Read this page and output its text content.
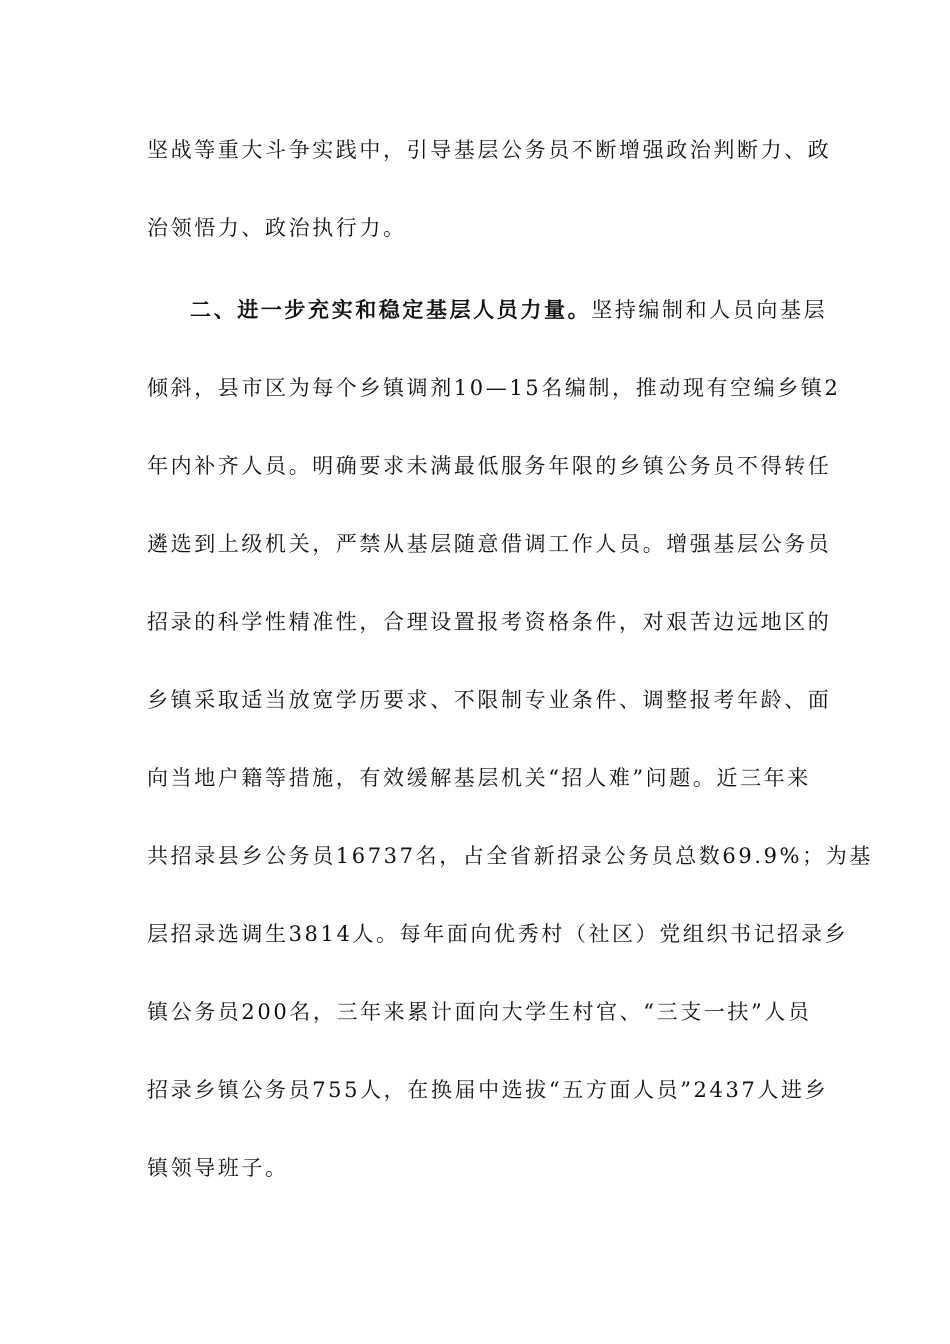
坚战等重大斗争实践中，引导基层公务员不断增强政治判断力、政
治领悟力、政治执行力。
二、进一步充实和稳定基层人员力量。坚持编制和人员向基层
倾斜，县市区为每个乡镇调剂10—15名编制，推动现有空编乡镇2
年内补齐人员。明确要求未满最低服务年限的乡镇公务员不得转任
遴选到上级机关，严禁从基层随意借调工作人员。增强基层公务员
招录的科学性精准性，合理设置报考资格条件，对艰苦边远地区的
乡镇采取适当放宽学历要求、不限制专业条件、调整报考年龄、面
向当地户籍等措施，有效缓解基层机关“招人难”问题。近三年来
共招录县乡公务员16737名，占全省新招录公务员总数69.9%；为基
层招录选调生3814人。每年面向优秀村（社区）党组织书记招录乡
镇公务员200名，三年来累计面向大学生村官、“三支一扶”人员
招录乡镇公务员755人，在换届中选拔“五方面人员”2437人进乡
镇领导班子。
